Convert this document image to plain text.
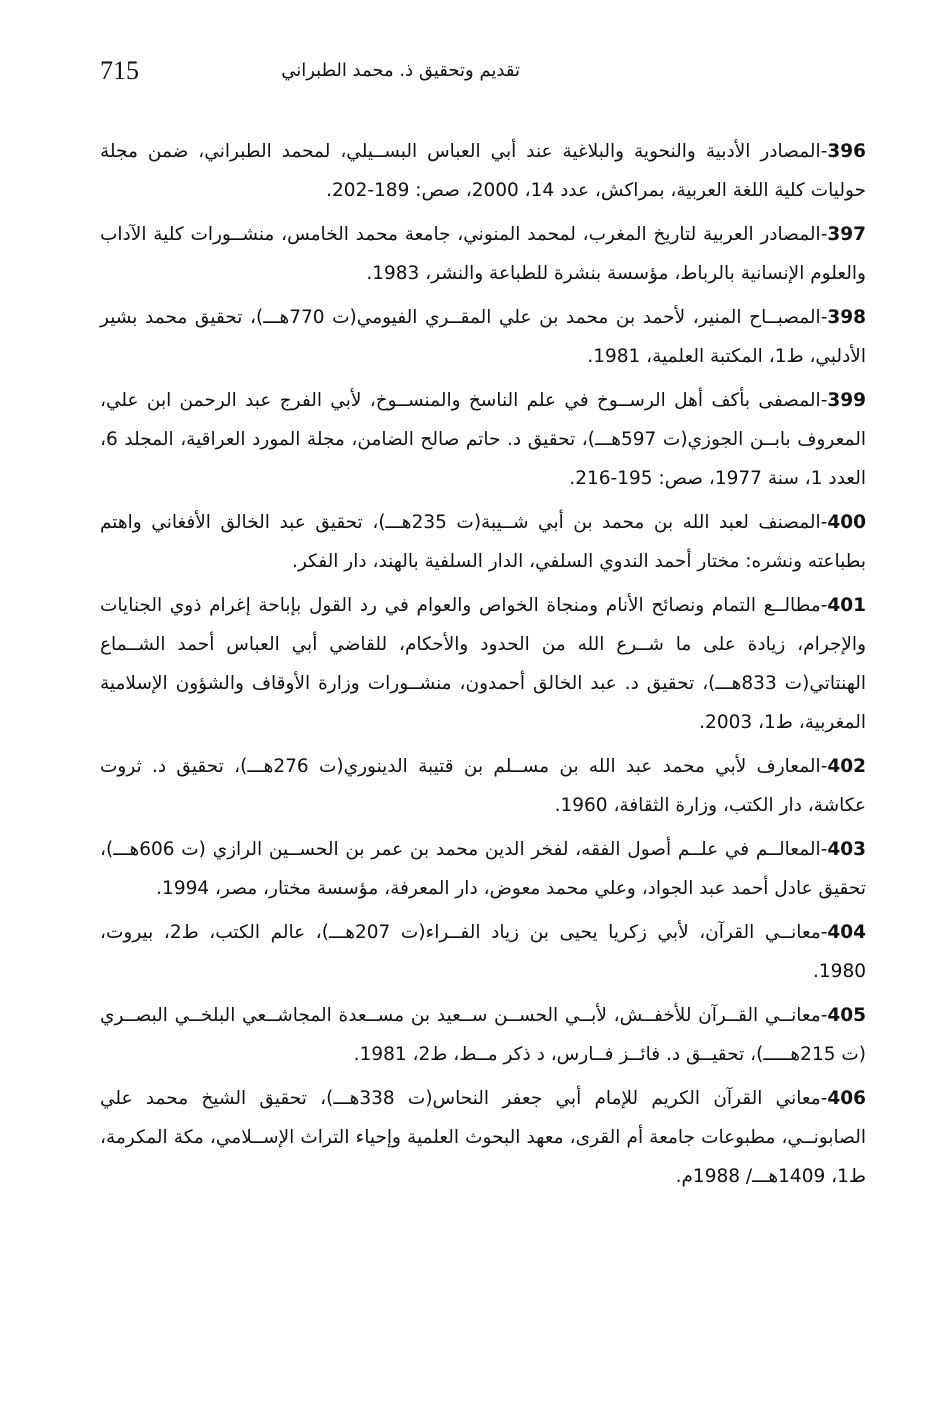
715	تقديم وتحقيق ذ. محمد الطبراني

396-المصادر الأدبية والنحوية والبلاغية عند أبي العباس البســيلي، لمحمد الطبراني، ضمن مجلة حوليات كلية اللغة العربية، بمراكش، عدد 14، 2000، صص: 189-202.

397-المصادر العربية لتاريخ المغرب، لمحمد المنوني، جامعة محمد الخامس، منشــورات كلية الآداب والعلوم الإنسانية بالرباط، مؤسسة بنشرة للطباعة والنشر، 1983.

398-المصبــاح المنير، لأحمد بن محمد بن علي المقــري الفيومي(ت 770هـــ)، تحقيق محمد بشير الأدلبي، ط1، المكتبة العلمية، 1981.

399-المصفى بأكف أهل الرســوخ في علم الناسخ والمنســوخ، لأبي الفرج عبد الرحمن ابن علي، المعروف بابــن الجوزي(ت 597هـــ)، تحقيق د. حاتم صالح الضامن، مجلة المورد العراقية، المجلد 6، العدد 1، سنة 1977، صص: 195-216.

400-المصنف لعبد الله بن محمد بن أبي شــيبة(ت 235هـــ)، تحقيق عبد الخالق الأفغاني واهتم بطباعته ونشره: مختار أحمد الندوي السلفي، الدار السلفية بالهند، دار الفكر.

401-مطالــع التمام ونصائح الأنام ومنجاة الخواص والعوام في رد القول بإباحة إغرام ذوي الجنايات والإجرام، زيادة على ما شــرع الله من الحدود والأحكام، للقاضي أبي العباس أحمد الشــماع الهنتاتي(ت 833هـــ)، تحقيق د. عبد الخالق أحمدون، منشــورات وزارة الأوقاف والشؤون الإسلامية المغربية، ط1، 2003.

402-المعارف لأبي محمد عبد الله بن مســلم بن قتيبة الدينوري(ت 276هـــ)، تحقيق د. ثروت عكاشة، دار الكتب، وزارة الثقافة، 1960.

403-المعالــم في علــم أصول الفقه، لفخر الدين محمد بن عمر بن الحســين الرازي (ت 606هـــ)، تحقيق عادل أحمد عبد الجواد، وعلي محمد معوض، دار المعرفة، مؤسسة مختار، مصر، 1994.

404-معانــي القرآن، لأبي زكريا يحيى بن زياد الفــراء(ت 207هـــ)، عالم الكتب، ط2، بيروت، 1980.

405-معانــي القــرآن للأخفــش، لأبــي الحســن ســعيد بن مســعدة المجاشــعي البلخــي البصــري (ت 215هـــــ)، تحقيــق د. فائــز فــارس، د ذكر مــط، ط2، 1981.

406-معاني القرآن الكريم للإمام أبي جعفر النحاس(ت 338هـــ)، تحقيق الشيخ محمد علي الصابونــي، مطبوعات جامعة أم القرى، معهد البحوث العلمية وإحياء التراث الإســلامي، مكة المكرمة، ط1، 1409هـــ/ 1988م.
